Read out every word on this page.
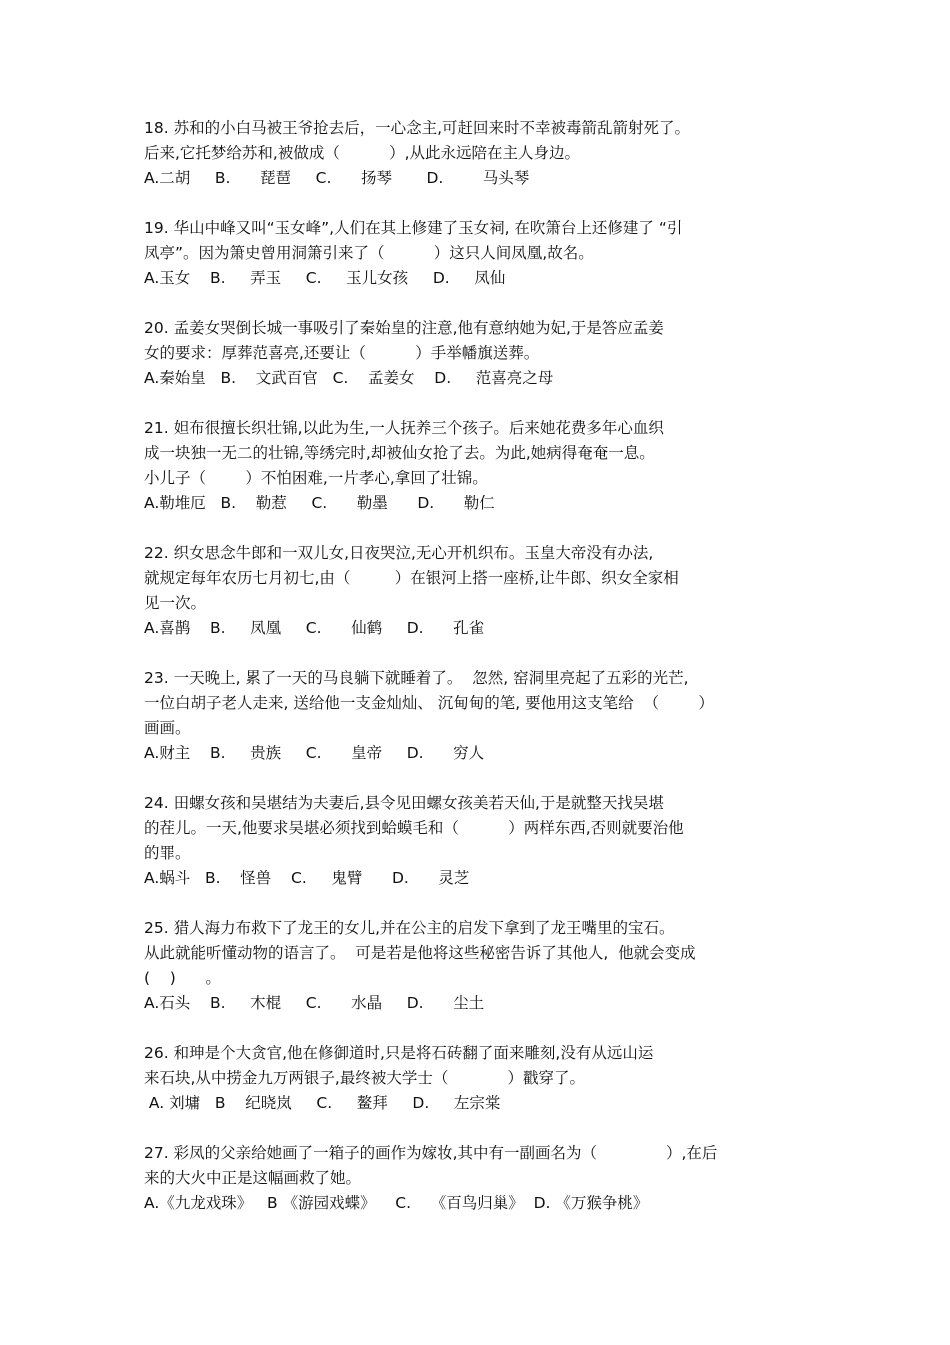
18. 苏和的小白马被王爷抢去后，一心念主,可赶回来时不幸被毒箭乱箭射死了。

后来,它托梦给苏和,被做成（          ）,从此永远陪在主人身边。

A.二胡     B.      琵琶     C.      扬琴       D.        马头琴

19. 华山中峰又叫“玉女峰”,人们在其上修建了玉女祠, 在吹箫台上还修建了 “引

凤亭”。因为箫史曾用洞箫引来了（          ）这只人间凤凰,故名。

A.玉女    B.     弄玉     C.     玉儿女孩     D.     凤仙

20. 孟姜女哭倒长城一事吸引了秦始皇的注意,他有意纳她为妃,于是答应孟姜

女的要求：厚葬范喜亮,还要让（          ）手举幡旗送葬。

A.秦始皇   B.    文武百官   C.    孟姜女    D.     范喜亮之母

21. 妲布很擅长织壮锦,以此为生,一人抚养三个孩子。后来她花费多年心血织

成一块独一无二的壮锦,等绣完时,却被仙女抢了去。为此,她病得奄奄一息。

小儿子（        ）不怕困难,一片孝心,拿回了壮锦。

A.勒堆厄   B.    勒惹     C.      勒墨      D.      勒仁

22. 织女思念牛郎和一双儿女,日夜哭泣,无心开机织布。玉皇大帝没有办法,

就规定每年农历七月初七,由（         ）在银河上搭一座桥,让牛郎、织女全家相

见一次。

A.喜鹊    B.     凤凰     C.      仙鹤     D.      孔雀

23. 一天晚上, 累了一天的马良躺下就睡着了。  忽然, 窑洞里亮起了五彩的光芒,

一位白胡子老人走来, 送给他一支金灿灿、 沉甸甸的笔, 要他用这支笔给  （        ）

画画。

A.财主    B.     贵族     C.      皇帝     D.      穷人

24. 田螺女孩和吴堪结为夫妻后,县令见田螺女孩美若天仙,于是就整天找吴堪

的茬儿。一天,他要求吴堪必须找到蛤蟆毛和（          ）两样东西,否则就要治他

的罪。

A.蜗斗   B.    怪兽    C.     鬼臂      D.      灵芝

25. 猎人海力布救下了龙王的女儿,并在公主的启发下拿到了龙王嘴里的宝石。

从此就能听懂动物的语言了。  可是若是他将这些秘密告诉了其他人,  他就会变成

(    )      。

A.石头    B.     木棍     C.      水晶     D.      尘土

26. 和珅是个大贪官,他在修御道时,只是将石砖翻了面来雕刻,没有从远山运

来石块,从中捞金九万两银子,最终被大学士（            ）戳穿了。

A. 刘墉   B    纪晓岚     C.     鳌拜     D.     左宗棠

27. 彩凤的父亲给她画了一箱子的画作为嫁妆,其中有一副画名为（              ）,在后

来的大火中正是这幅画救了她。

A.《九龙戏珠》   B 《游园戏蝶》    C.    《百鸟归巢》  D. 《万猴争桃》
